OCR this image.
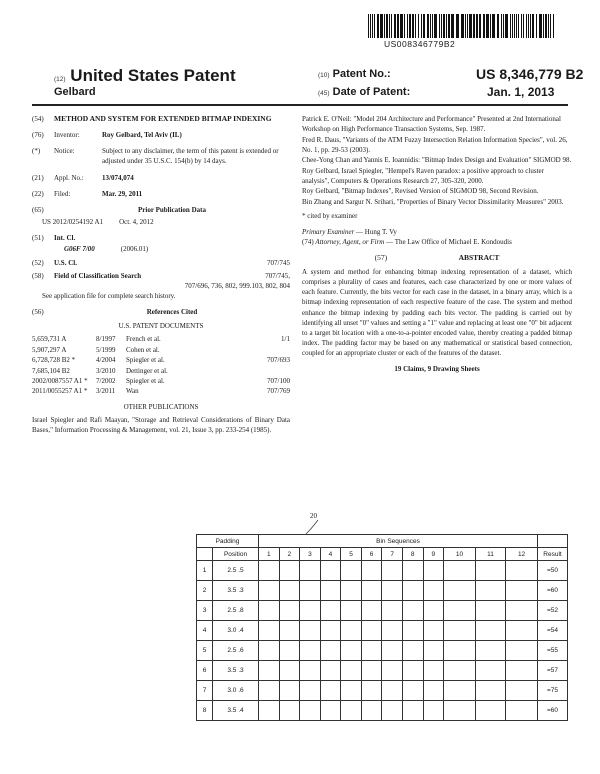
US008346779B2
(12) United States Patent
Gelbard
(10) Patent No.:	US 8,346,779 B2
(45) Date of Patent:	Jan. 1, 2013
(54)	METHOD AND SYSTEM FOR EXTENDED BITMAP INDEXING
(76)	Inventor:	Roy Gelbard, Tel Aviv (IL)
(*)	Notice:	Subject to any disclaimer, the term of this patent is extended or adjusted under 35 U.S.C. 154(b) by 14 days.
(21)	Appl. No.:	13/074,074
(22)	Filed:	Mar. 29, 2011
(65)	Prior Publication Data
US 2012/0254192 A1 Oct. 4, 2012
(51)	Int. Cl.
G06F 7/00	(2006.01)
(52)	U.S. Cl.	707/745
(58)	Field of Classification Search	707/745,
707/696, 736, 802, 999.103, 802, 804
See application file for complete search history.
(56)	References Cited
U.S. PATENT DOCUMENTS
5,659,731 A	8/1997	French et al.	1/1
5,907,297 A	5/1999	Cohen et al.
6,728,728 B2 *	4/2004	Spiegler et al.	707/693
7,685,104 B2	3/2010	Dettinger et al.
2002/0087557 A1 *	7/2002	Spiegler et al.	707/100
2011/0055257 A1 *	3/2011	Wan	707/769
OTHER PUBLICATIONS
Israel Spiegler and Rafi Maayan, "Storage and Retrieval Considerations of Binary Data Bases," Information Processing & Management, vol. 21, Issue 3, pp. 233-254 (1985).
Patrick E. O'Neil: "Model 204 Architecture and Performance" Presented at 2nd International Workshop on High Performance Transaction Systems, Sep. 1987.
Fred R. Daus, "Variants of the ATM Fuzzy Intersection Relation Information Species", vol. 26, No. 1, pp. 29-53 (2003).
Chee-Yong Chan and Yannis E. Ioannidis: "Bitmap Index Design and Evaluation" SIGMOD 98.
Roy Gelbard, Israel Spiegler, "Hempel's Raven paradox: a positive approach to cluster analysis", Computers & Operations Research 27, 305-320, 2000.
Roy Gelbard, "Bitmap Indexes", Revised Version of SIGMOD 98, Second Revision.
Bin Zhang and Sargur N. Srihari, "Properties of Binary Vector Dissimilarity Measures" 2003.
* cited by examiner
Primary Examiner — Hung T. Vy
(74) Attorney, Agent, or Firm — The Law Office of Michael E. Kondoudis
(57)	ABSTRACT
A system and method for enhancing bitmap indexing representation of a dataset, which comprises a plurality of cases and features, each case characterized by one or more values of each feature. Currently, the bits vector for each case in the dataset, in a binary array, which is a bitmap indexing representation of each respective feature of the case. The system and method enhance the bitmap indexing by padding each bits vector. The padding is carried out by identifying all unset "0" values and setting a "1" value and replacing at least one "0" bit adjacent to a target bit location with a one-to-a-pointer encoded value, thereby creating a padded bitmap index. The padding factor may be based on any mathematical or statistical based connection, coupled for an appropriate cluster or each of the features of the dataset.
19 Claims, 9 Drawing Sheets
20
Padding		Bin Sequences												
	Position	1	2	3	4	5	6	7	8	9	10	11	12	Result
1	2.5 .5													=50
2	3.5 .3													=60
3	2.5 .8													=52
4	3.0 .4													=54
5	2.5 .6													=55
6	3.5 .3													=57
7	3.0 .6													=75
8	3.5 .4													=60
